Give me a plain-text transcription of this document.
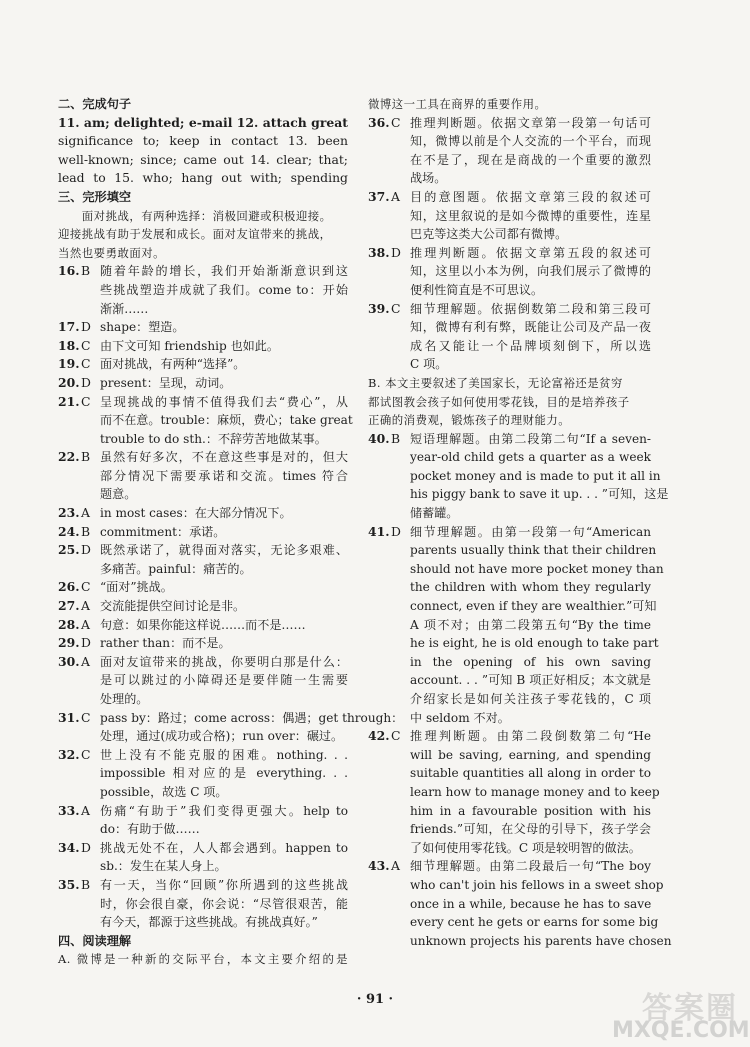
二、完成句子
11. am; delighted; e-mail 12. attach great
significance to; keep in contact 13. been
well-known; since; came out 14. clear; that;
lead to 15. who; hang out with; spending
三、完形填空
　　面对挑战，有两种选择：消极回避或积极迎接。
迎接挑战有助于发展和成长。面对友谊带来的挑战，
当然也要勇敢面对。
16. B 随着年龄的增长，我们开始渐渐意识到这
些挑战塑造并成就了我们。come to：开始
渐渐……
17. D shape：塑造。
18. C 由下文可知 friendship 也如此。
19. C 面对挑战，有两种“选择”。
20. D present：呈现，动词。
21. C 呈现挑战的事情不值得我们去“费心”，从
而不在意。trouble：麻烦，费心；take great
trouble to do sth.：不辞劳苦地做某事。
22. B 虽然有好多次，不在意这些事是对的，但大
部分情况下需要承诺和交流。times 符合
题意。
23. A in most cases：在大部分情况下。
24. B commitment：承诺。
25. D 既然承诺了，就得面对落实，无论多艰难、
多痛苦。painful：痛苦的。
26. C “面对”挑战。
27. A 交流能提供空间讨论是非。
28. A 句意：如果你能这样说……而不是……
29. D rather than：而不是。
30. A 面对友谊带来的挑战，你要明白那是什么：
是可以跳过的小障碍还是要伴随一生需要
处理的。
31. C pass by：路过；come across：偶遇；get through：
处理，通过(成功或合格)；run over：碾过。
32. C 世上没有不能克服的困难。nothing. . .
impossible 相对应的是 everything. . .
possible，故选 C 项。
33. A 伤痛“有助于”我们变得更强大。help to
do：有助于做……
34. D 挑战无处不在，人人都会遇到。happen to
sb.：发生在某人身上。
35. B 有一天，当你“回顾”你所遇到的这些挑战
时，你会很自豪，你会说：“尽管很艰苦，能
有今天，都源于这些挑战。有挑战真好。”
四、阅读理解
A. 微博是一种新的交际平台，本文主要介绍的是
微博这一工具在商界的重要作用。
36. C 推理判断题。依据文章第一段第一句话可
知，微博以前是个人交流的一个平台，而现
在不是了，现在是商战的一个重要的激烈
战场。
37. A 目的意图题。依据文章第三段的叙述可
知，这里叙说的是如今微博的重要性，连星
巴克等这类大公司都有微博。
38. D 推理判断题。依据文章第五段的叙述可
知，这里以小本为例，向我们展示了微博的
便利性简直是不可思议。
39. C 细节理解题。依据倒数第二段和第三段可
知，微博有利有弊，既能让公司及产品一夜
成名又能让一个品牌顷刻倒下，所以选
C 项。
B. 本文主要叙述了美国家长，无论富裕还是贫穷
都试图教会孩子如何使用零花钱，目的是培养孩子
正确的消费观，锻炼孩子的理财能力。
40. B 短语理解题。由第二段第二句“If a seven-
year-old child gets a quarter as a week
pocket money and is made to put it all in
his piggy bank to save it up. . . ”可知，这是
储蓄罐。
41. D 细节理解题。由第一段第一句“American
parents usually think that their children
should not have more pocket money than
the children with whom they regularly
connect, even if they are wealthier.”可知
A 项不对；由第二段第五句“By the time
he is eight, he is old enough to take part
in the opening of his own saving
account. . . ”可知 B 项正好相反；本文就是
介绍家长是如何关注孩子零花钱的，C 项
中 seldom 不对。
42. C 推理判断题。由第二段倒数第二句“He
will be saving, earning, and spending
suitable quantities all along in order to
learn how to manage money and to keep
him in a favourable position with his
friends.”可知，在父母的引导下，孩子学会
了如何使用零花钱。C 项是较明智的做法。
43. A 细节理解题。由第二段最后一句“The boy
who can't join his fellows in a sweet shop
once in a while, because he has to save
every cent he gets or earns for some big
unknown projects his parents have chosen
· 91 ·	答案圈
MXQE.COM
